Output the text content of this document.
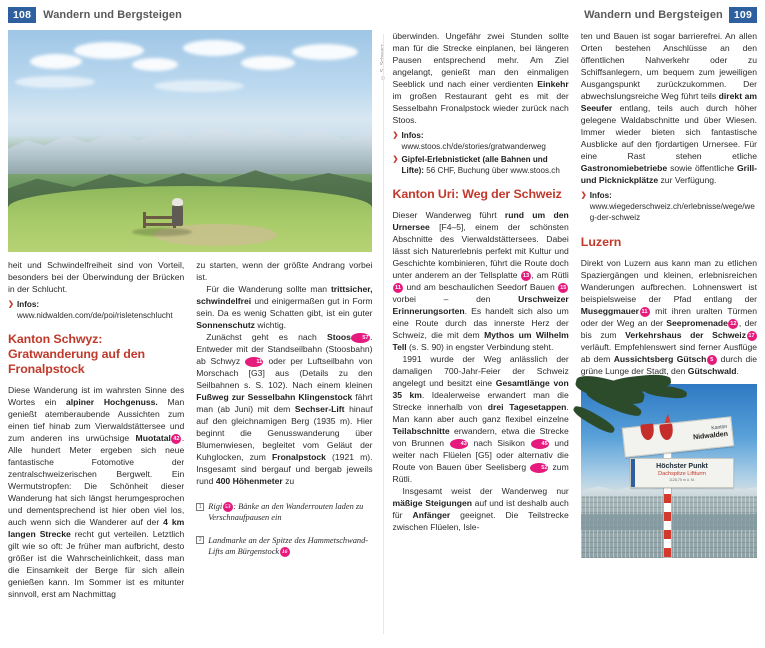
108	Wandern und Bergsteigen

heit und Schwindelfreiheit sind von Vorteil, besonders bei der Überwindung der Brücken in der Schlucht.

❯ Infos: www.nidwalden.com/de/poi/risletenschlucht
Kanton Schwyz: Gratwanderung auf den Fronalpstock

Diese Wanderung ist im wahrsten Sinne des Wortes ein alpiner Hochgenuss. Man genießt atemberaubende Aussichten zum einen tief hinab zum Vierwaldstättersee und zum anderen ins urwüchsige Muotatal 42 . Alle hundert Meter ergeben sich neue fantastische Fotomotive der zentralschweizerischen Bergwelt. Ein Wermutstropfen: Die Schönheit dieser Wanderung hat sich längst herumgesprochen und dementsprechend ist hier oben viel los, auch wenn sich die Wanderer auf der 4 km langen Strecke recht gut verteilen. Letztlich gilt wie so oft: Je früher man aufbricht, desto größer ist die Wahrscheinlichkeit, dass man die Einsamkeit der Berge für sich allein genießen kann. Im Sommer ist es mitunter sinnvoll, erst am Nachmittag

zu starten, wenn der größte Andrang vorbei ist.

Für die Wanderung sollte man trittsicher, schwindelfrei und einigermaßen gut in Form sein. Da es wenig Schatten gibt, ist ein guter Sonnenschutz wichtig.

Zunächst geht es nach Stoos 57 . Entweder mit der Standseilbahn (Stoosbahn) ab Schwyz 11 oder per Luftseilbahn von Morschach [G3] aus (Details zu den Seilbahnen s. S. 102). Nach einem kleinen Fußweg zur Sesselbahn Klingenstock fährt man (ab Juni) mit dem Sechser-Lift hinauf auf den gleichnamigen Berg (1935 m). Hier beginnt die Genusswanderung über Blumenwiesen, begleitet vom Geläut der Kuhglocken, zum Fronalpstock (1921 m). Insgesamt sind bergauf und bergab jeweils rund 400 Höhenmeter zu

1 Rigi 53 : Bänke an den Wanderrouten laden zu Verschnaufpausen ein

2 Landmarke an der Spitze des Hammetschwand-Lifts am Bürgenstock 16

Wandern und Bergsteigen	109

überwinden. Ungefähr zwei Stunden sollte man für die Strecke einplanen, bei längeren Pausen entsprechend mehr. Am Ziel angelangt, genießt man den einmaligen Seeblick und nach einer verdienten Einkehr im großen Restaurant geht es mit der Sesselbahn Fronalpstock wieder zurück nach Stoos.

❯ Infos: www.stoos.ch/de/stories/gratwanderweg
❯ Gipfel-Erlebnisticket (alle Bahnen und Lifte): 56 CHF, Buchung über www.stoos.ch
Kanton Uri: Weg der Schweiz

Dieser Wanderweg führt rund um den Urnersee [F4–5], einem der schönsten Abschnitte des Vierwaldstättersees. Dabei lässt sich Naturerlebnis perfekt mit Kultur und Geschichte kombinieren, führt die Route doch unter anderem an der Tellsplatte 13 , am Rütli 11 und am beschaulichen Seedorf Bauen 15 vorbei – den Urschweizer Erinnerungsorten. Es handelt sich also um eine Route durch das innerste Herz der Schweiz, die mit dem Mythos um Wilhelm Tell (s. S. 90) in engster Verbindung steht.

1991 wurde der Weg anlässlich der damaligen 700-Jahr-Feier der Schweiz angelegt und besitzt eine Gesamtlänge von 35 km. Idealerweise erwandert man die Strecke innerhalb von drei Tagesetappen. Man kann aber auch ganz flexibel einzelne Teilabschnitte erwandern, etwa die Strecke von Brunnen 43 nach Sisikon 45 und weiter nach Flüelen [G5] oder alternativ die Route von Bauen über Seelisberg 52 zum Rütli.

Insgesamt weist der Wanderweg nur mäßige Steigungen auf und ist deshalb auch für Anfänger geeignet. Die Teilstrecke zwischen Flüelen, Isle-

ten und Bauen ist sogar barrierefrei. An allen Orten bestehen Anschlüsse an den öffentlichen Nahverkehr oder zu Schiffsanlegern, um bequem zum jeweiligen Ausgangspunkt zurückzukommen. Der abwechslungsreiche Weg führt teils direkt am Seeufer entlang, teils auch durch höher gelegene Waldabschnitte und über Wiesen. Immer wieder bieten sich fantastische Ausblicke auf den fjordartigen Urnersee. Für eine Rast stehen etliche Gastronomiebetriebe sowie öffentliche Grill- und Picknickplätze zur Verfügung.

❯ Infos: www.wiegederschweiz.ch/erlebnisse/wege/weg-der-schweiz
Luzern

Direkt von Luzern aus kann man zu etlichen Spaziergängen und kleinen, erlebnisreichen Wanderungen aufbrechen. Lohnenswert ist beispielsweise der Pfad entlang der Museggmauer 11 mit ihren uralten Türmen oder der Weg an der Seepromenade 12 , der bis zum Verkehrshaus der Schweiz 17 verläuft. Empfehlenswert sind ferner Ausflüge ab dem Aussichtsberg Gütsch 5 durch die grüne Lunge der Stadt, den Gütschwald.

Kanton
Nidwalden
Höchster Punkt
Dachspitze Liftturm
1128,75 m ü. M.
